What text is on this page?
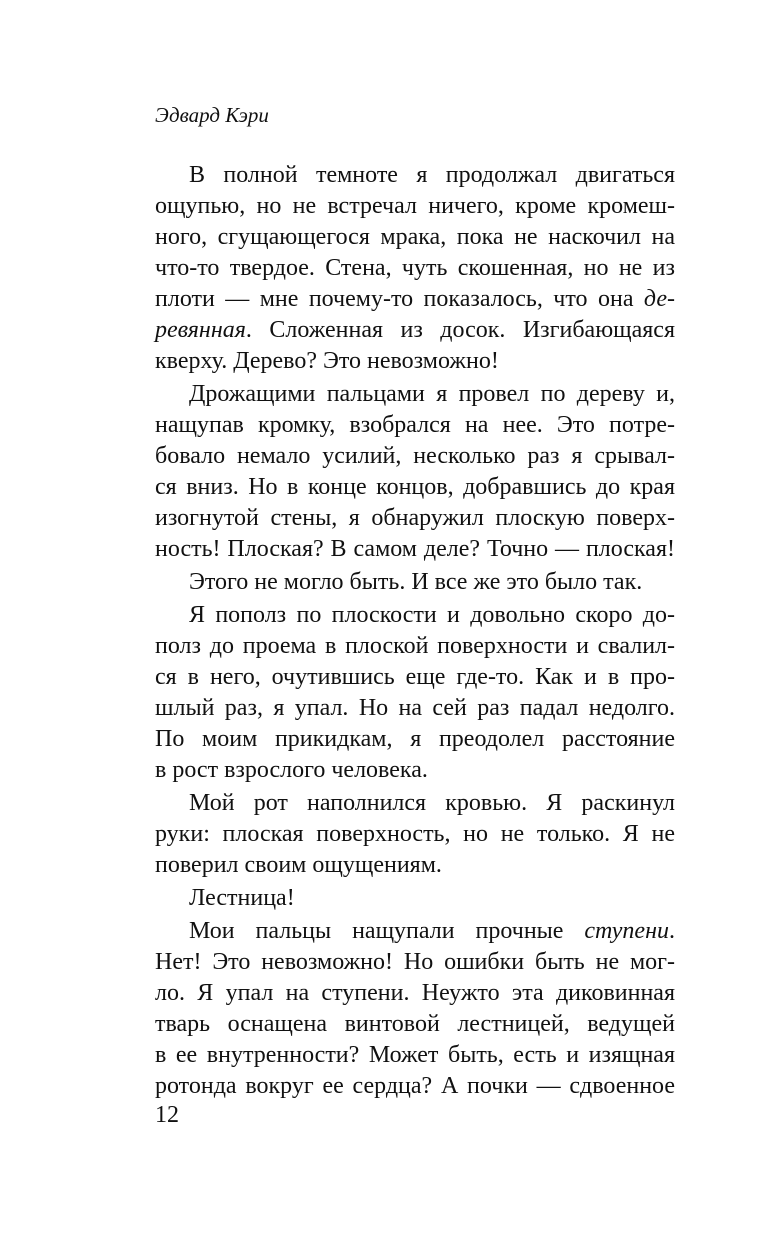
Эдвард Кэри

В полной темноте я продолжал двигаться
ощупью, но не встречал ничего, кроме кромеш-
ного, сгущающегося мрака, пока не наскочил на
что-то твердое. Стена, чуть скошенная, но не из
плоти — мне почему-то показалось, что она де-
ревянная. Сложенная из досок. Изгибающаяся
кверху. Дерево? Это невозможно!

Дрожащими пальцами я провел по дереву и,
нащупав кромку, взобрался на нее. Это потре-
бовало немало усилий, несколько раз я срывал-
ся вниз. Но в конце концов, добравшись до края
изогнутой стены, я обнаружил плоскую поверх-
ность! Плоская? В самом деле? Точно — плоская!

Этого не могло быть. И все же это было так.

Я пополз по плоскости и довольно скоро до-
полз до проема в плоской поверхности и свалил-
ся в него, очутившись еще где-то. Как и в про-
шлый раз, я упал. Но на сей раз падал недолго.
По моим прикидкам, я преодолел расстояние
в рост взрослого человека.

Мой рот наполнился кровью. Я раскинул
руки: плоская поверхность, но не только. Я не
поверил своим ощущениям.

Лестница!

Мои пальцы нащупали прочные ступени.
Нет! Это невозможно! Но ошибки быть не мог-
ло. Я упал на ступени. Неужто эта диковинная
тварь оснащена винтовой лестницей, ведущей
в ее внутренности? Может быть, есть и изящная
ротонда вокруг ее сердца? А почки — сдвоенное

12
